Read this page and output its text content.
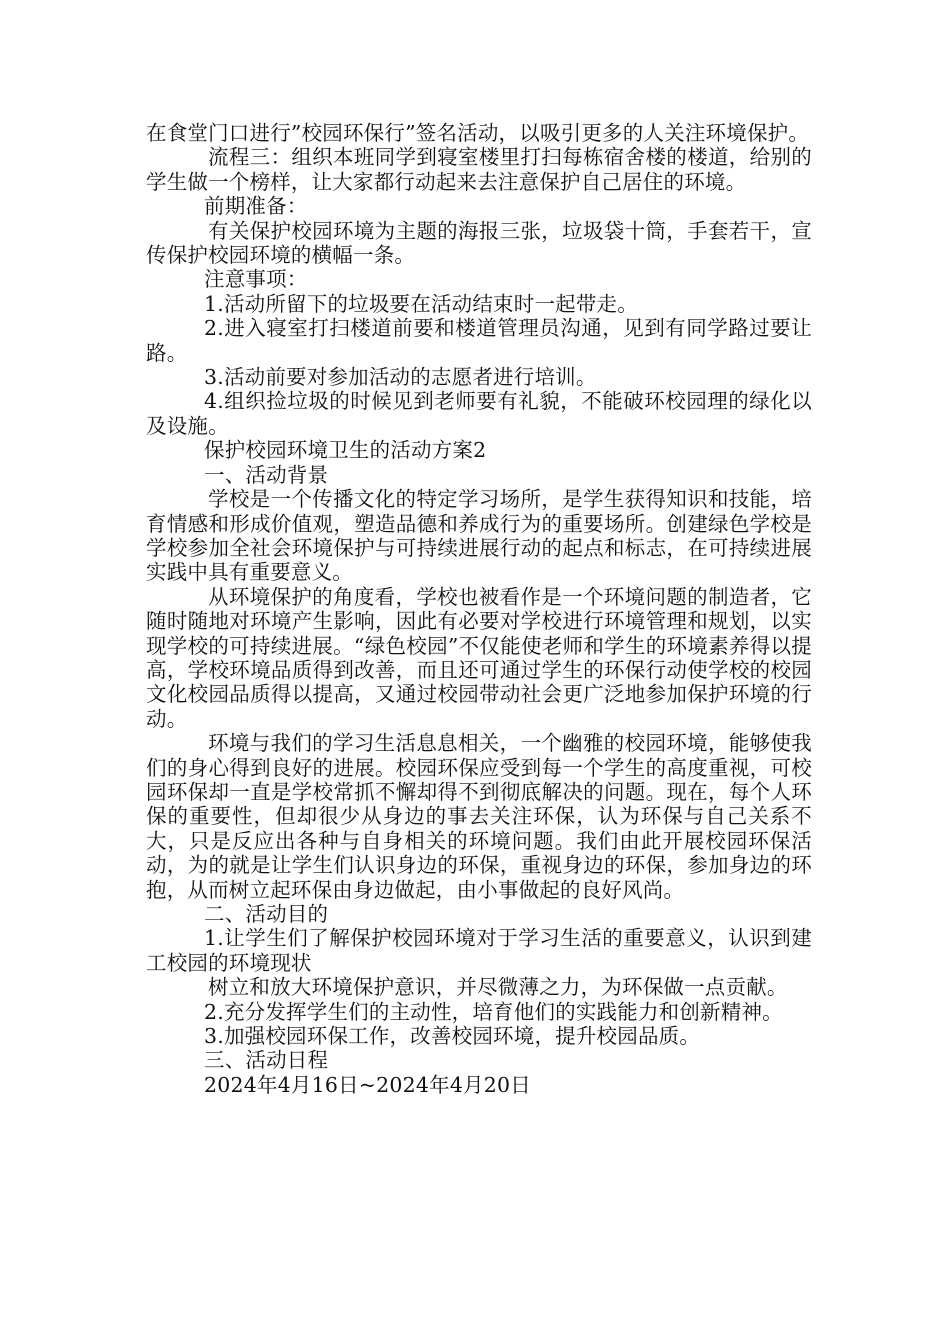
在食堂门口进行”校园环保行”签名活动，以吸引更多的人关注环境保护。

流程三：组织本班同学到寝室楼里打扫每栋宿舍楼的楼道，给别的学生做一个榜样，让大家都行动起来去注意保护自己居住的环境。

前期准备：

有关保护校园环境为主题的海报三张，垃圾袋十筒，手套若干，宣传保护校园环境的横幅一条。

注意事项：

1.活动所留下的垃圾要在活动结束时一起带走。

2.进入寝室打扫楼道前要和楼道管理员沟通，见到有同学路过要让路。

3.活动前要对参加活动的志愿者进行培训。

4.组织捡垃圾的时候见到老师要有礼貌，不能破环校园理的绿化以及设施。

保护校园环境卫生的活动方案2

一、活动背景

学校是一个传播文化的特定学习场所，是学生获得知识和技能，培育情感和形成价值观，塑造品德和养成行为的重要场所。创建绿色学校是学校参加全社会环境保护与可持续进展行动的起点和标志，在可持续进展实践中具有重要意义。

从环境保护的角度看，学校也被看作是一个环境问题的制造者，它随时随地对环境产生影响，因此有必要对学校进行环境管理和规划，以实现学校的可持续进展。“绿色校园”不仅能使老师和学生的环境素养得以提高，学校环境品质得到改善，而且还可通过学生的环保行动使学校的校园文化校园品质得以提高，又通过校园带动社会更广泛地参加保护环境的行动。

环境与我们的学习生活息息相关，一个幽雅的校园环境，能够使我们的身心得到良好的进展。校园环保应受到每一个学生的高度重视，可校园环保却一直是学校常抓不懈却得不到彻底解决的问题。现在，每个人环保的重要性，但却很少从身边的事去关注环保，认为环保与自己关系不大，只是反应出各种与自身相关的环境问题。我们由此开展校园环保活动，为的就是让学生们认识身边的环保，重视身边的环保，参加身边的环抱，从而树立起环保由身边做起，由小事做起的良好风尚。

二、活动目的

1.让学生们了解保护校园环境对于学习生活的重要意义，认识到建工校园的环境现状

树立和放大环境保护意识，并尽微薄之力，为环保做一点贡献。

2.充分发挥学生们的主动性，培育他们的实践能力和创新精神。

3.加强校园环保工作，改善校园环境，提升校园品质。

三、活动日程

2024年4月16日~2024年4月20日
